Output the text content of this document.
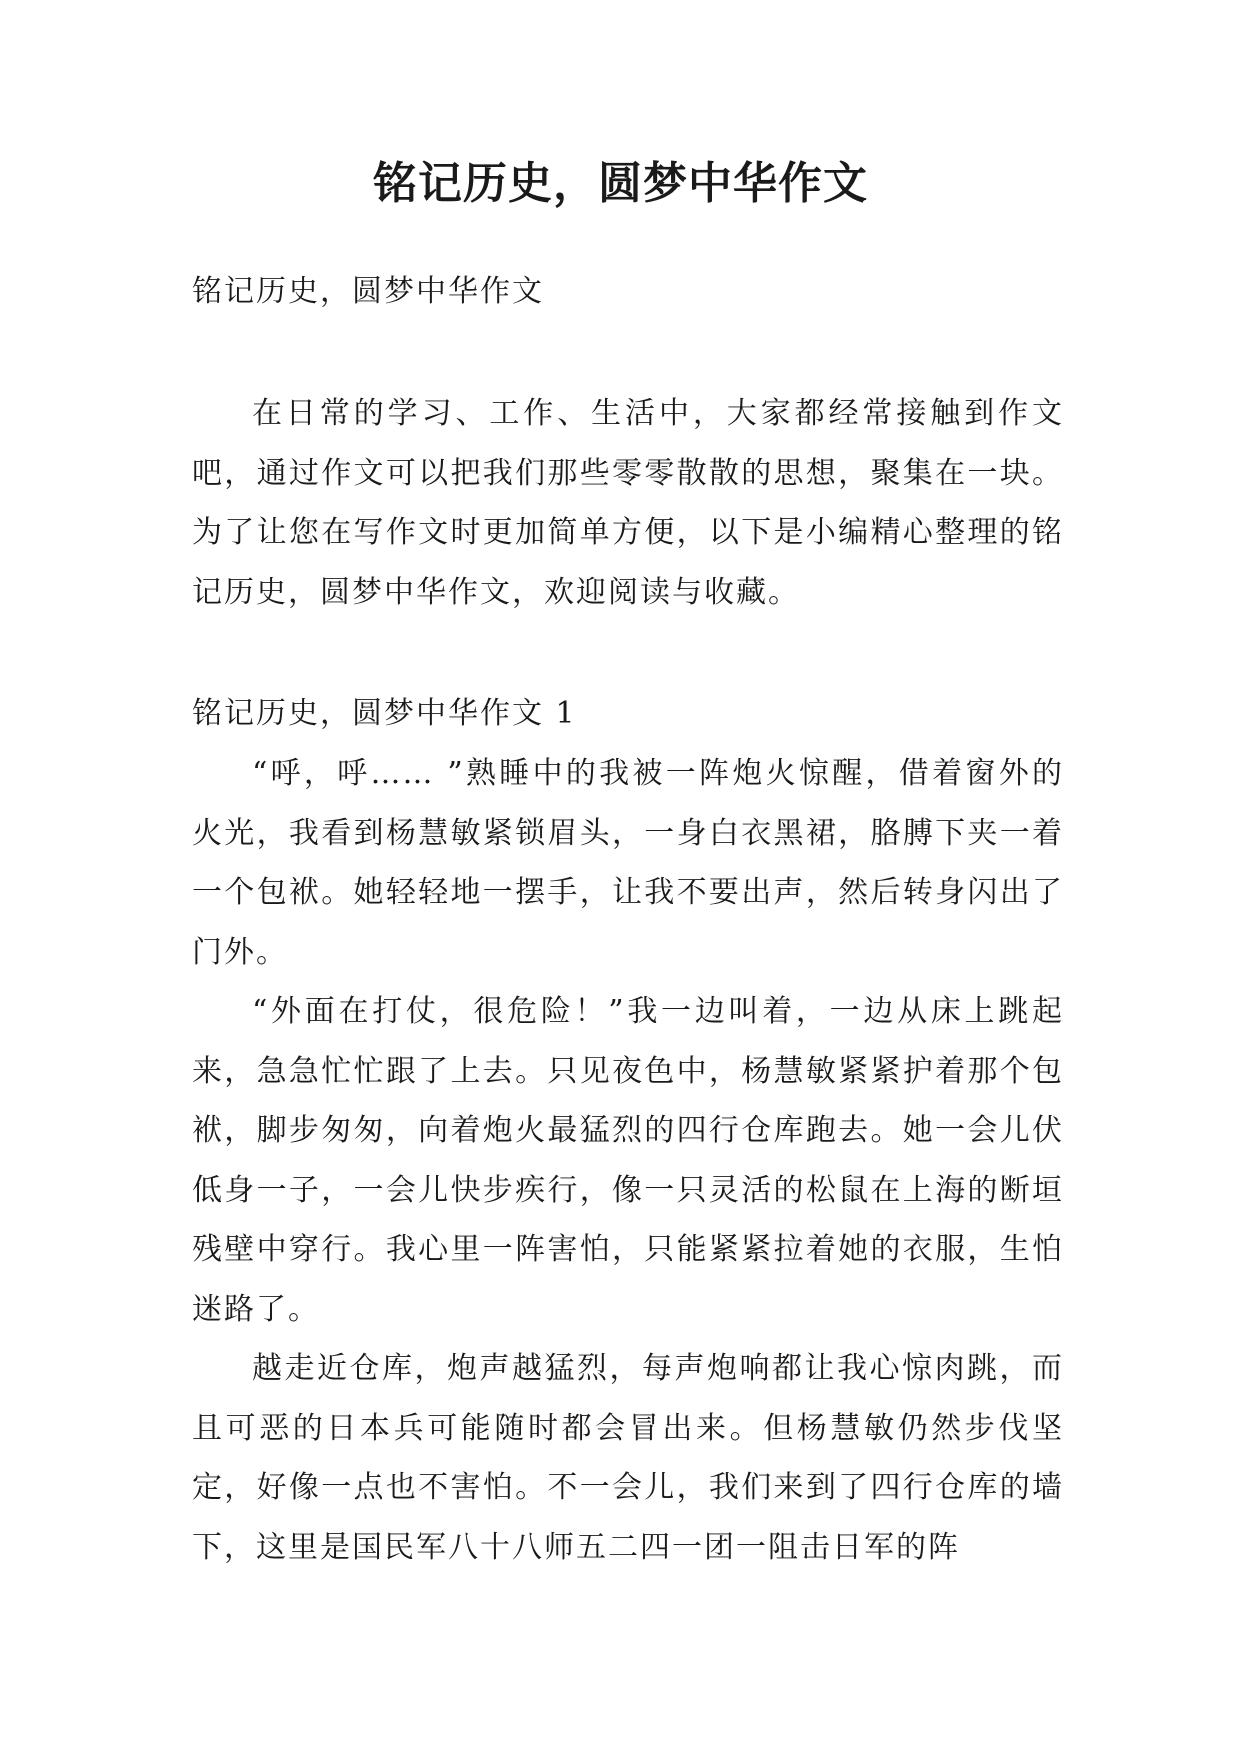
铭记历史，圆梦中华作文

铭记历史，圆梦中华作文

在日常的学习、工作、生活中，大家都经常接触到作文吧，通过作文可以把我们那些零零散散的思想，聚集在一块。为了让您在写作文时更加简单方便，以下是小编精心整理的铭记历史，圆梦中华作文，欢迎阅读与收藏。

铭记历史，圆梦中华作文 1

“呼，呼…… ”熟睡中的我被一阵炮火惊醒，借着窗外的火光，我看到杨慧敏紧锁眉头，一身白衣黑裙，胳膊下夹一着一个包袱。她轻轻地一摆手，让我不要出声，然后转身闪出了门外。

“外面在打仗，很危险！”我一边叫着，一边从床上跳起来，急急忙忙跟了上去。只见夜色中，杨慧敏紧紧护着那个包袱，脚步匆匆，向着炮火最猛烈的四行仓库跑去。她一会儿伏低身一子，一会儿快步疾行，像一只灵活的松鼠在上海的断垣残壁中穿行。我心里一阵害怕，只能紧紧拉着她的衣服，生怕迷路了。

越走近仓库，炮声越猛烈，每声炮响都让我心惊肉跳，而且可恶的日本兵可能随时都会冒出来。但杨慧敏仍然步伐坚定，好像一点也不害怕。不一会儿，我们来到了四行仓库的墙下，这里是国民军八十八师五二四一团一阻击日军的阵
